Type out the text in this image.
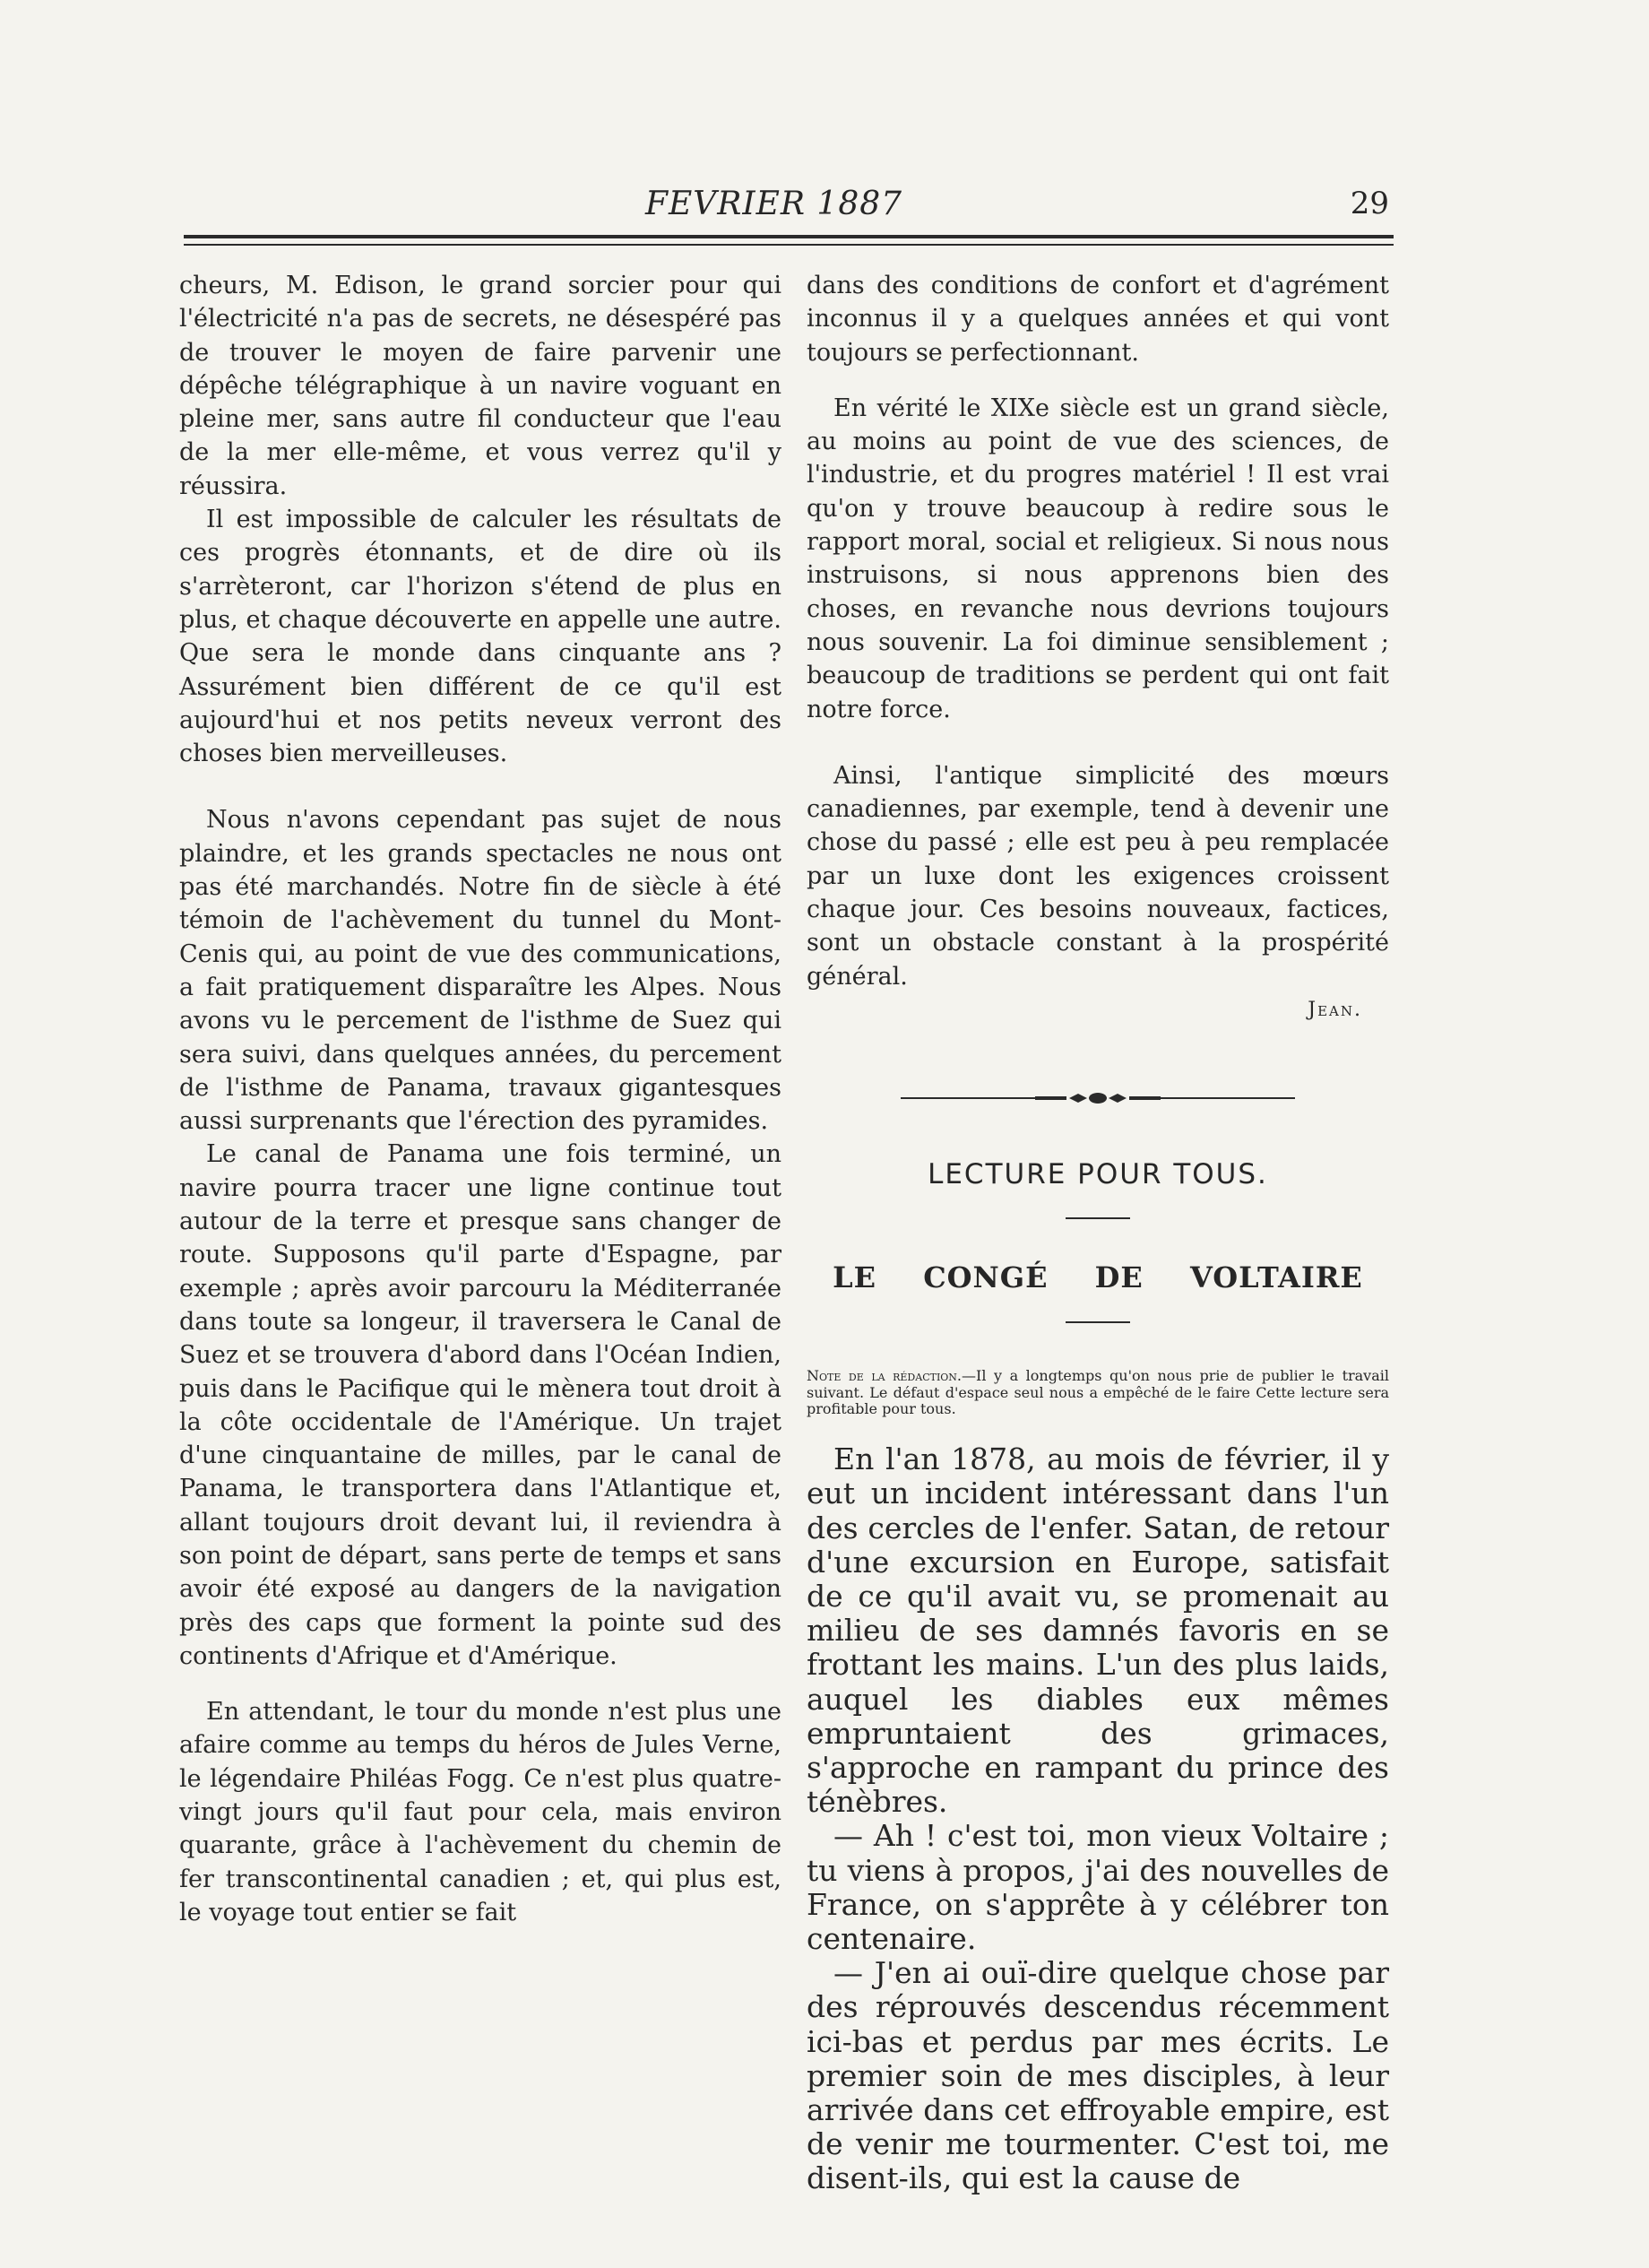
FEVRIER 1887	29

cheurs, M. Edison, le grand sorcier pour qui l'électricité n'a pas de secrets, ne désespéré pas de trouver le moyen de faire parvenir une dépêche télégraphique à un navire voguant en pleine mer, sans autre fil conducteur que l'eau de la mer elle-même, et vous verrez qu'il y réussira.

Il est impossible de calculer les résultats de ces progrès étonnants, et de dire où ils s'arrèteront, car l'horizon s'étend de plus en plus, et chaque découverte en appelle une autre. Que sera le monde dans cinquante ans ? Assurément bien différent de ce qu'il est aujourd'hui et nos petits neveux verront des choses bien merveilleuses.

Nous n'avons cependant pas sujet de nous plaindre, et les grands spectacles ne nous ont pas été marchandés. Notre fin de siècle à été témoin de l'achèvement du tunnel du Mont-Cenis qui, au point de vue des communications, a fait pratiquement disparaître les Alpes. Nous avons vu le percement de l'isthme de Suez qui sera suivi, dans quelques années, du percement de l'isthme de Panama, travaux gigantesques aussi surprenants que l'érection des pyramides.

Le canal de Panama une fois terminé, un navire pourra tracer une ligne continue tout autour de la terre et presque sans changer de route. Supposons qu'il parte d'Espagne, par exemple ; après avoir parcouru la Méditerranée dans toute sa longeur, il traversera le Canal de Suez et se trouvera d'abord dans l'Océan Indien, puis dans le Pacifique qui le mènera tout droit à la côte occidentale de l'Amérique. Un trajet d'une cinquantaine de milles, par le canal de Panama, le transportera dans l'Atlantique et, allant toujours droit devant lui, il reviendra à son point de départ, sans perte de temps et sans avoir été exposé au dangers de la navigation près des caps que forment la pointe sud des continents d'Afrique et d'Amérique.

En attendant, le tour du monde n'est plus une afaire comme au temps du héros de Jules Verne, le légendaire Philéas Fogg. Ce n'est plus quatre-vingt jours qu'il faut pour cela, mais environ quarante, grâce à l'achèvement du chemin de fer transcontinental canadien ; et, qui plus est, le voyage tout entier se fait

dans des conditions de confort et d'agrément inconnus il y a quelques années et qui vont toujours se perfectionnant.

En vérité le XIXe siècle est un grand siècle, au moins au point de vue des sciences, de l'industrie, et du progres matériel ! Il est vrai qu'on y trouve beaucoup à redire sous le rapport moral, social et religieux. Si nous nous instruisons, si nous apprenons bien des choses, en revanche nous devrions toujours nous souvenir. La foi diminue sensiblement ; beaucoup de traditions se perdent qui ont fait notre force.

Ainsi, l'antique simplicité des mœurs canadiennes, par exemple, tend à devenir une chose du passé ; elle est peu à peu remplacée par un luxe dont les exigences croissent chaque jour. Ces besoins nouveaux, factices, sont un obstacle constant à la prospérité général.

Jean.

LECTURE POUR TOUS.
LE CONGÉ DE VOLTAIRE

Note de la rédaction.—Il y a longtemps qu'on nous prie de publier le travail suivant. Le défaut d'espace seul nous a empêché de le faire Cette lecture sera profitable pour tous.

En l'an 1878, au mois de février, il y eut un incident intéressant dans l'un des cercles de l'enfer. Satan, de retour d'une excursion en Europe, satisfait de ce qu'il avait vu, se promenait au milieu de ses damnés favoris en se frottant les mains. L'un des plus laids, auquel les diables eux mêmes empruntaient des grimaces, s'approche en rampant du prince des ténèbres.

— Ah ! c'est toi, mon vieux Voltaire ; tu viens à propos, j'ai des nouvelles de France, on s'apprête à y célébrer ton centenaire.

— J'en ai ouï-dire quelque chose par des réprouvés descendus récemment ici-bas et perdus par mes écrits. Le premier soin de mes disciples, à leur arrivée dans cet effroyable empire, est de venir me tourmenter. C'est toi, me disent-ils, qui est la cause de
